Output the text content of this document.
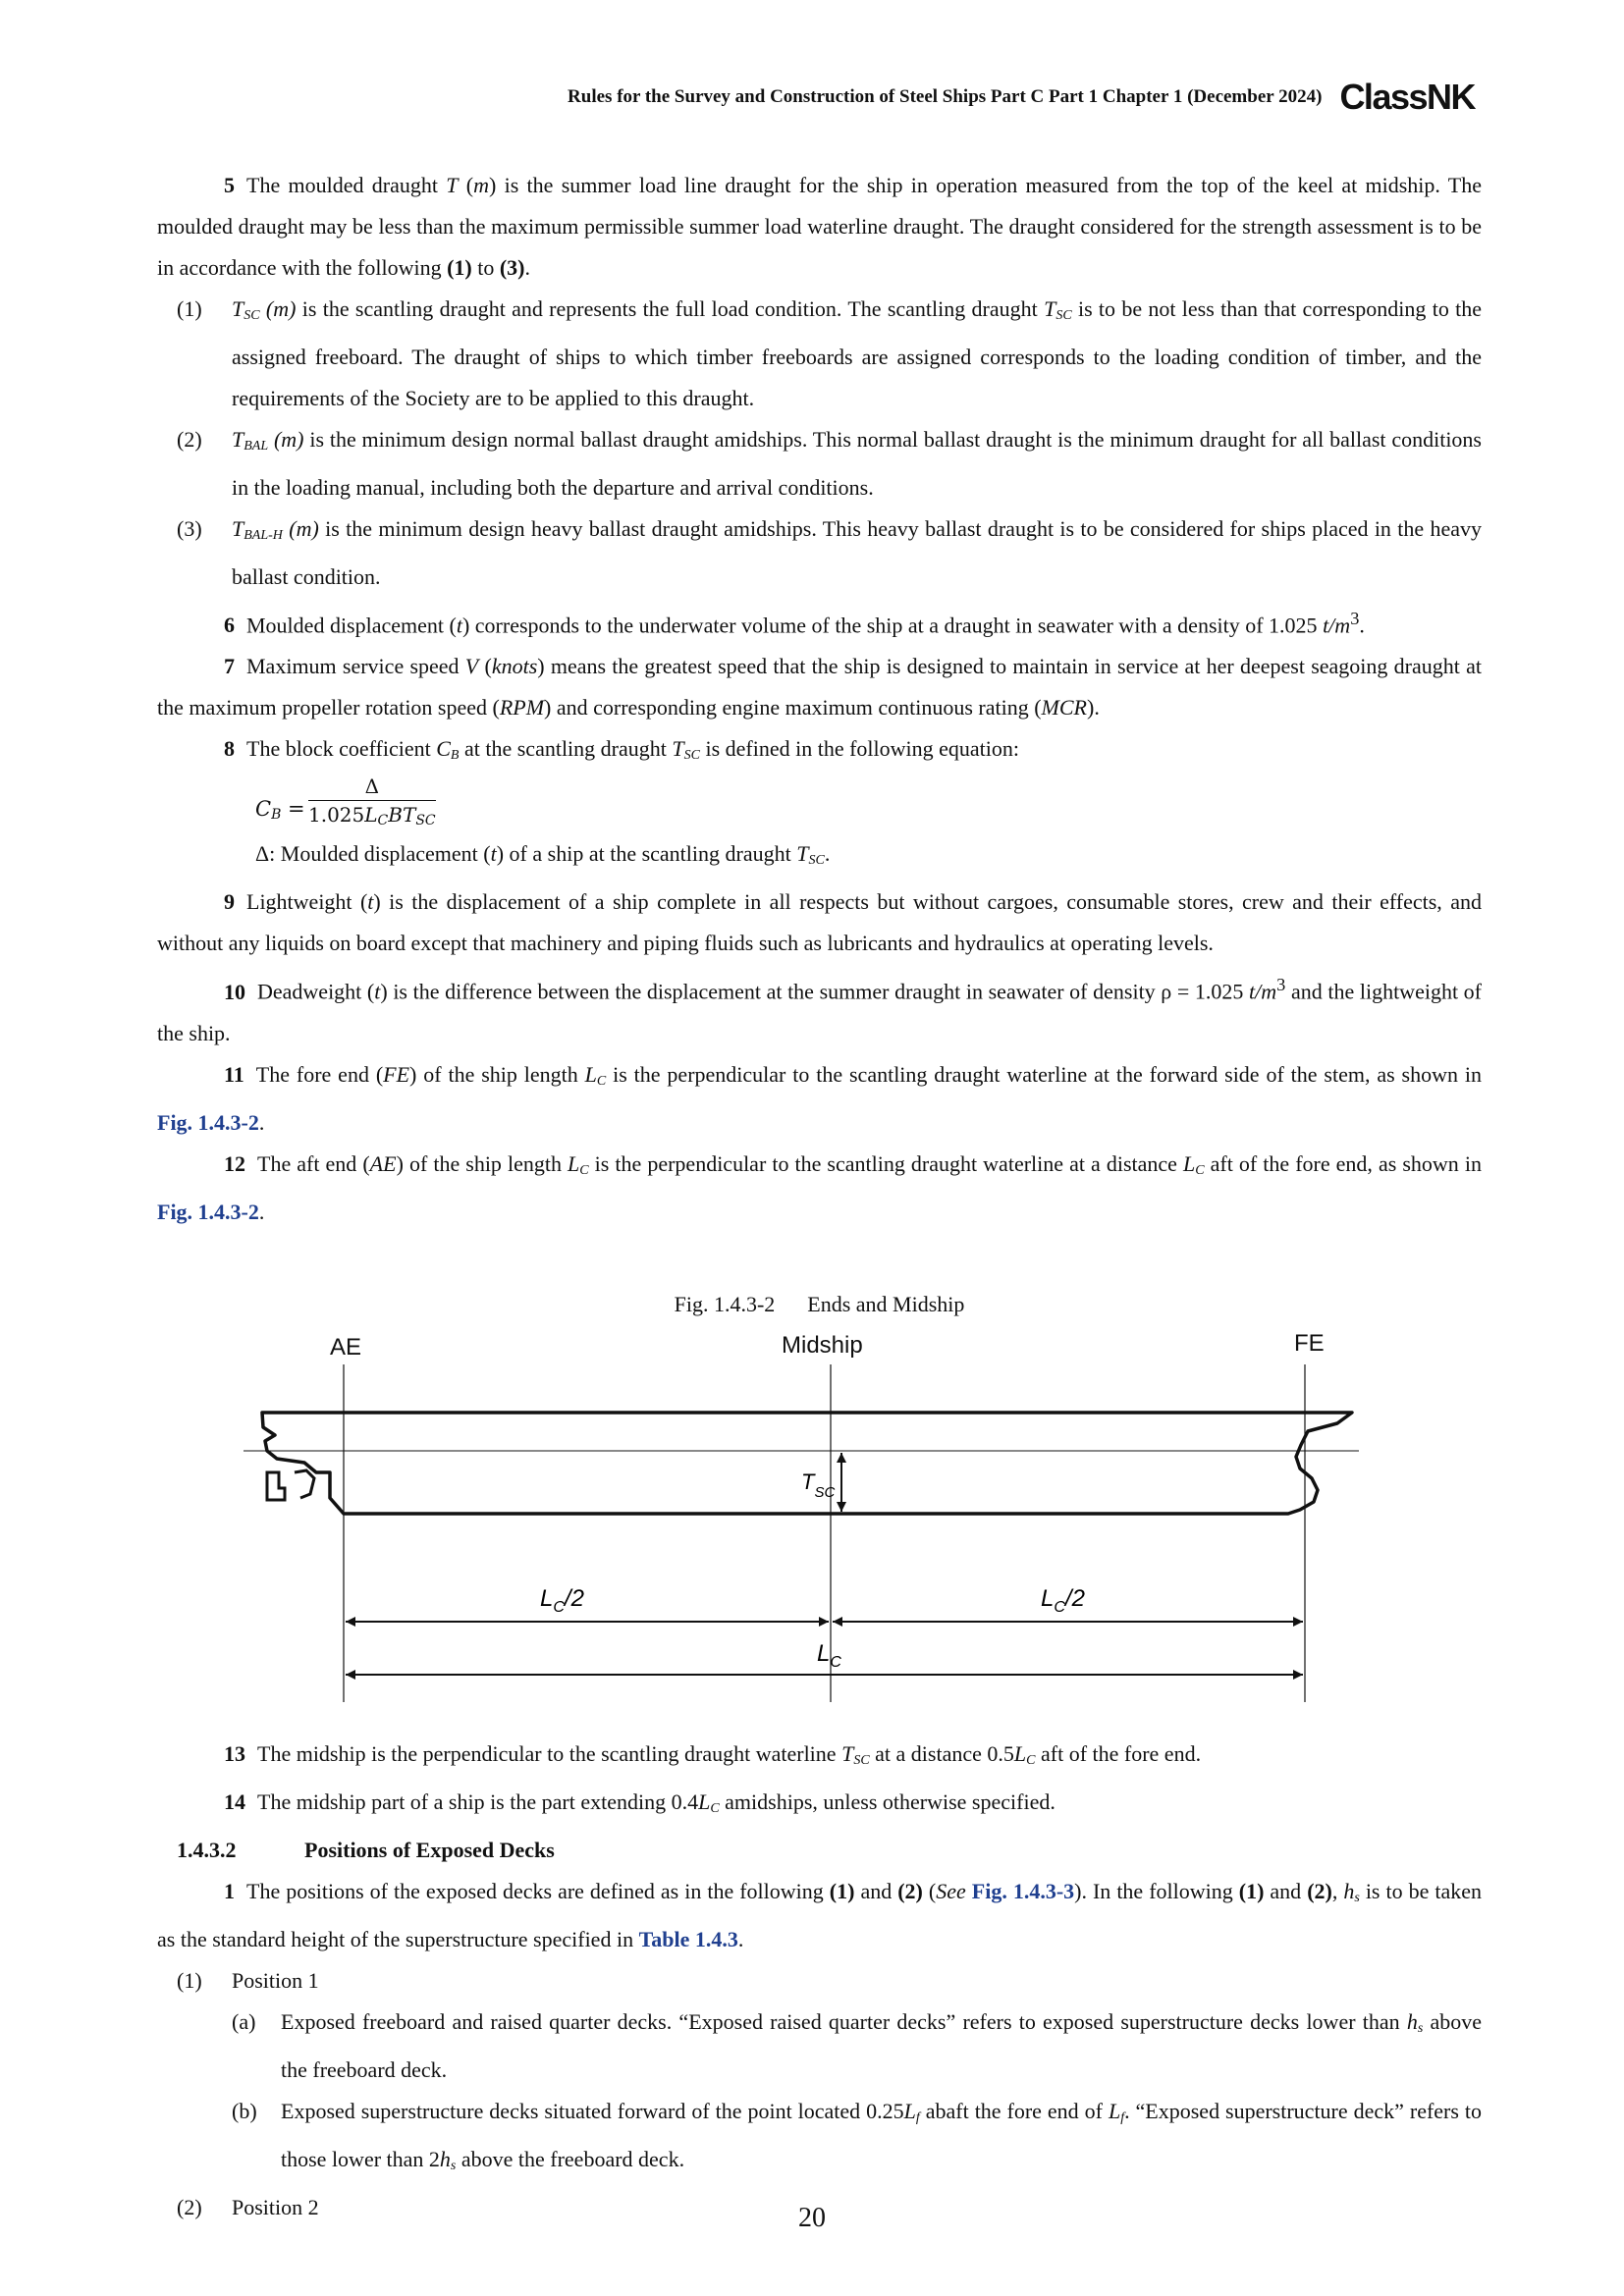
Rules for the Survey and Construction of Steel Ships Part C Part 1 Chapter 1 (December 2024) ClassNK

5 The moulded draught T (m) is the summer load line draught for the ship in operation measured from the top of the keel at midship. The moulded draught may be less than the maximum permissible summer load waterline draught. The draught considered for the strength assessment is to be in accordance with the following (1) to (3).

(1) $T_{SC}$ (m) is the scantling draught and represents the full load condition. The scantling draught $T_{SC}$ is to be not less than that corresponding to the assigned freeboard. The draught of ships to which timber freeboards are assigned corresponds to the loading condition of timber, and the requirements of the Society are to be applied to this draught.

(2) $T_{BAL}$ (m) is the minimum design normal ballast draught amidships. This normal ballast draught is the minimum draught for all ballast conditions in the loading manual, including both the departure and arrival conditions.

(3) $T_{BAL-H}$ (m) is the minimum design heavy ballast draught amidships. This heavy ballast draught is to be considered for ships placed in the heavy ballast condition.

6 Moulded displacement (t) corresponds to the underwater volume of the ship at a draught in seawater with a density of 1.025 $t/m^3$.

7 Maximum service speed V (knots) means the greatest speed that the ship is designed to maintain in service at her deepest seagoing draught at the maximum propeller rotation speed (RPM) and corresponding engine maximum continuous rating (MCR).

8 The block coefficient $C_B$ at the scantling draught $T_{SC}$ is defined in the following equation:

$C_B$ =
Δ
$1.025L_CBT_{SC}$

Δ: Moulded displacement (t) of a ship at the scantling draught $T_{SC}$.

9 Lightweight (t) is the displacement of a ship complete in all respects but without cargoes, consumable stores, crew and their effects, and without any liquids on board except that machinery and piping fluids such as lubricants and hydraulics at operating levels.

10 Deadweight (t) is the difference between the displacement at the summer draught in seawater of density ρ = 1.025 $t/m^3$ and the lightweight of the ship.

11 The fore end (FE) of the ship length $L_C$ is the perpendicular to the scantling draught waterline at the forward side of the stem, as shown in Fig. 1.4.3-2.

12 The aft end (AE) of the ship length $L_C$ is the perpendicular to the scantling draught waterline at a distance $L_C$ aft of the fore end, as shown in Fig. 1.4.3-2.

Fig. 1.4.3-2      Ends and Midship
AE	Midship	FE
$T_{SC}$
$L_C/2$	$L_C/2$
$L_C$

13 The midship is the perpendicular to the scantling draught waterline $T_{SC}$ at a distance $0.5L_C$ aft of the fore end.

14 The midship part of a ship is the part extending $0.4L_C$ amidships, unless otherwise specified.

1.4.3.2	Positions of Exposed Decks

1 The positions of the exposed decks are defined as in the following (1) and (2) (See Fig. 1.4.3-3). In the following (1) and (2), $h_s$ is to be taken as the standard height of the superstructure specified in Table 1.4.3.

(1) Position 1

(a) Exposed freeboard and raised quarter decks. “Exposed raised quarter decks” refers to exposed superstructure decks lower than $h_s$ above the freeboard deck.

(b) Exposed superstructure decks situated forward of the point located $0.25L_f$ abaft the fore end of $L_f$. “Exposed superstructure deck” refers to those lower than $2h_s$ above the freeboard deck.

(2) Position 2	20
